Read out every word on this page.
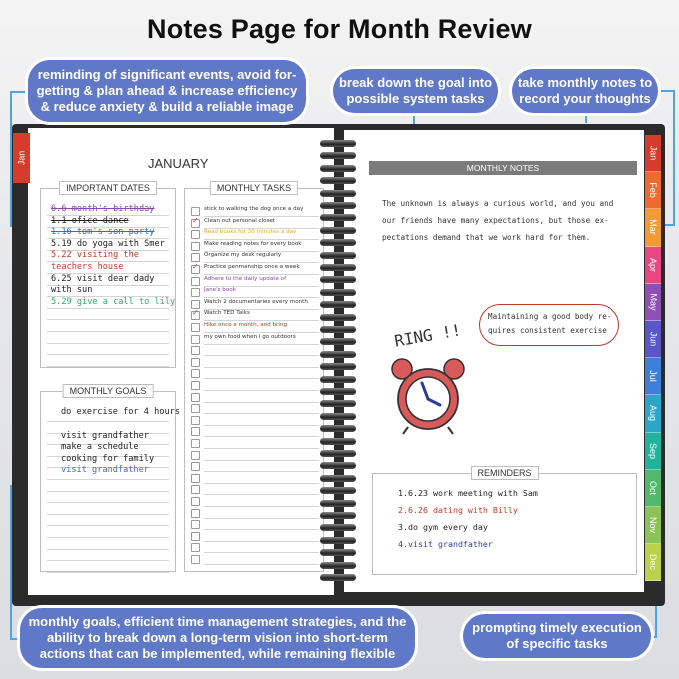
Notes Page for Month Review
Jan	JANUARY
IMPORTANT DATES
6.6 month's birthday
1.1 ofice dance
1.16 tom's son party
5.19 do yoga with Smer
5.22 visiting the
teachers house
6.25 visit dear dady
with sun
5.29 give a call to lily
MONTHLY TASKS
stick to walking the dog once a day
✓
Clean out personal closet
Read books for 30 minutes a day
Make reading notes for every book
Organize my desk regularly
✓
Practice penmanship once a week
Adhere to the daily update of
Jane's book
Watch 2 documentaries every month
✓
Watch TED Talks
Hike once a month, and bring
my own food when i go outdoors
MONTHLY GOALS
do exercise for 4 hours
visit grandfather
make a schedule
cooking for family
visit grandfather
MONTHLY NOTES
The unknown is always a curious world, and you and
our friends have many expectations, but those ex-
pectations demand that we work hard for them.
Maintaining a good body re-
quires consistent exercise
RING !!
REMINDERS
1.6.23 work meeting with Sam
2.6.26 dating with Billy
3.do gym every day
4.visit grandfather
Jan
Feb
Mar
Apr
May
Jun
Jul
Aug
Sep
Oct
Nov
Dec
reminding of significant events, avoid for-
getting & plan ahead & increase efficiency
& reduce anxiety & build a reliable image
break down the goal into
possible system tasks
take monthly notes to
record your thoughts
monthly goals, efficient time management strategies, and the
ability to break down a long-term vision into short-term
actions that can be implemented, while remaining flexible
prompting timely execution
of specific tasks
